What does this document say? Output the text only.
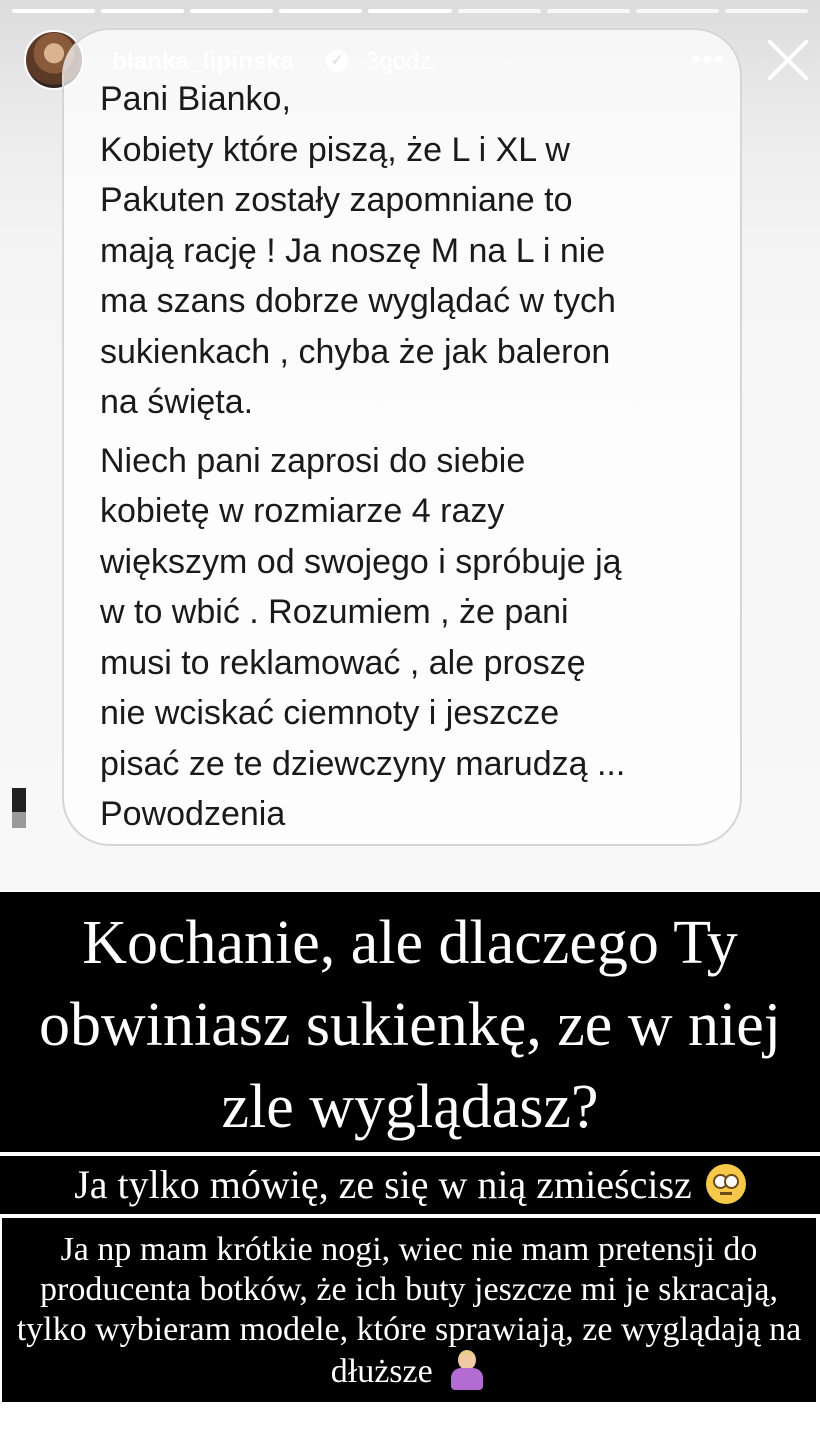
Pani Bianko,
Kobiety które piszą, że L i XL w
Pakuten zostały zapomniane to
mają rację ! Ja noszę M na L i nie
ma szans dobrze wyglądać w tych
sukienkach , chyba że jak baleron
na święta.

Niech pani zaprosi do siebie
kobietę w rozmiarze 4 razy
większym od swojego i spróbuje ją
w to wbić . Rozumiem , że pani
musi to reklamować , ale proszę
nie wciskać ciemnoty i jeszcze
pisać ze te dziewczyny marudzą ...
Powodzenia

Kochanie, ale dlaczego Ty obwiniasz sukienkę, ze w niej zle wyglądasz?
Ja tylko mówię, ze się w nią zmieścisz
Ja np mam krótkie nogi, wiec nie mam pretensji do producenta botków, że ich buty jeszcze mi je skracają, tylko wybieram modele, które sprawiają, ze wyglądają na dłuższe
